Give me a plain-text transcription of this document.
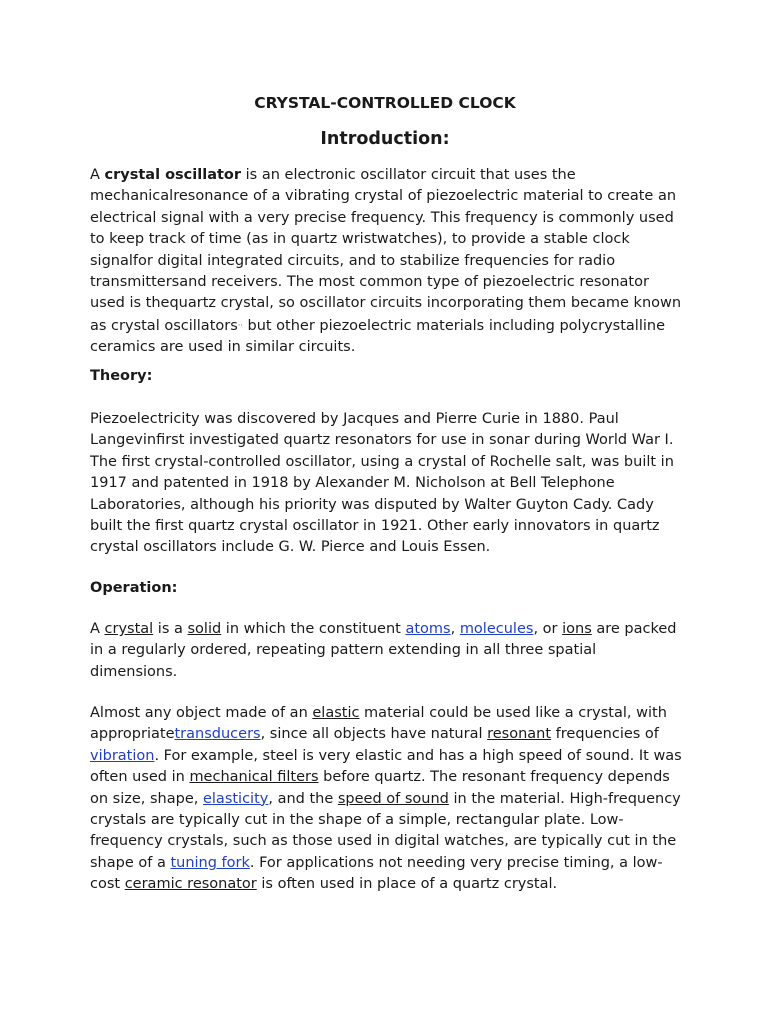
CRYSTAL-CONTROLLED CLOCK
Introduction:

A crystal oscillator is an electronic oscillator circuit that uses the mechanicalresonance of a vibrating crystal of piezoelectric material to create an electrical signal with a very precise frequency. This frequency is commonly used to keep track of time (as in quartz wristwatches), to provide a stable clock signalfor digital integrated circuits, and to stabilize frequencies for radio transmittersand receivers. The most common type of piezoelectric resonator used is thequartz crystal, so oscillator circuits incorporating them became known as crystal oscillators·· but other piezoelectric materials including polycrystalline ceramics are used in similar circuits.

Theory:

Piezoelectricity was discovered by Jacques and Pierre Curie in 1880. Paul Langevinfirst investigated quartz resonators for use in sonar during World War I. The first crystal-controlled oscillator, using a crystal of Rochelle salt, was built in 1917 and patented in 1918 by Alexander M. Nicholson at Bell Telephone Laboratories, although his priority was disputed by Walter Guyton Cady. Cady built the first quartz crystal oscillator in 1921. Other early innovators in quartz crystal oscillators include G. W. Pierce and Louis Essen.

Operation:

A crystal is a solid in which the constituent atoms, molecules, or ions are packed in a regularly ordered, repeating pattern extending in all three spatial dimensions.

Almost any object made of an elastic material could be used like a crystal, with appropriatetransducers, since all objects have natural resonant frequencies of vibration. For example, steel is very elastic and has a high speed of sound. It was often used in mechanical filters before quartz. The resonant frequency depends on size, shape, elasticity, and the speed of sound in the material. High-frequency crystals are typically cut in the shape of a simple, rectangular plate. Low-frequency crystals, such as those used in digital watches, are typically cut in the shape of a tuning fork. For applications not needing very precise timing, a low-cost ceramic resonator is often used in place of a quartz crystal.
